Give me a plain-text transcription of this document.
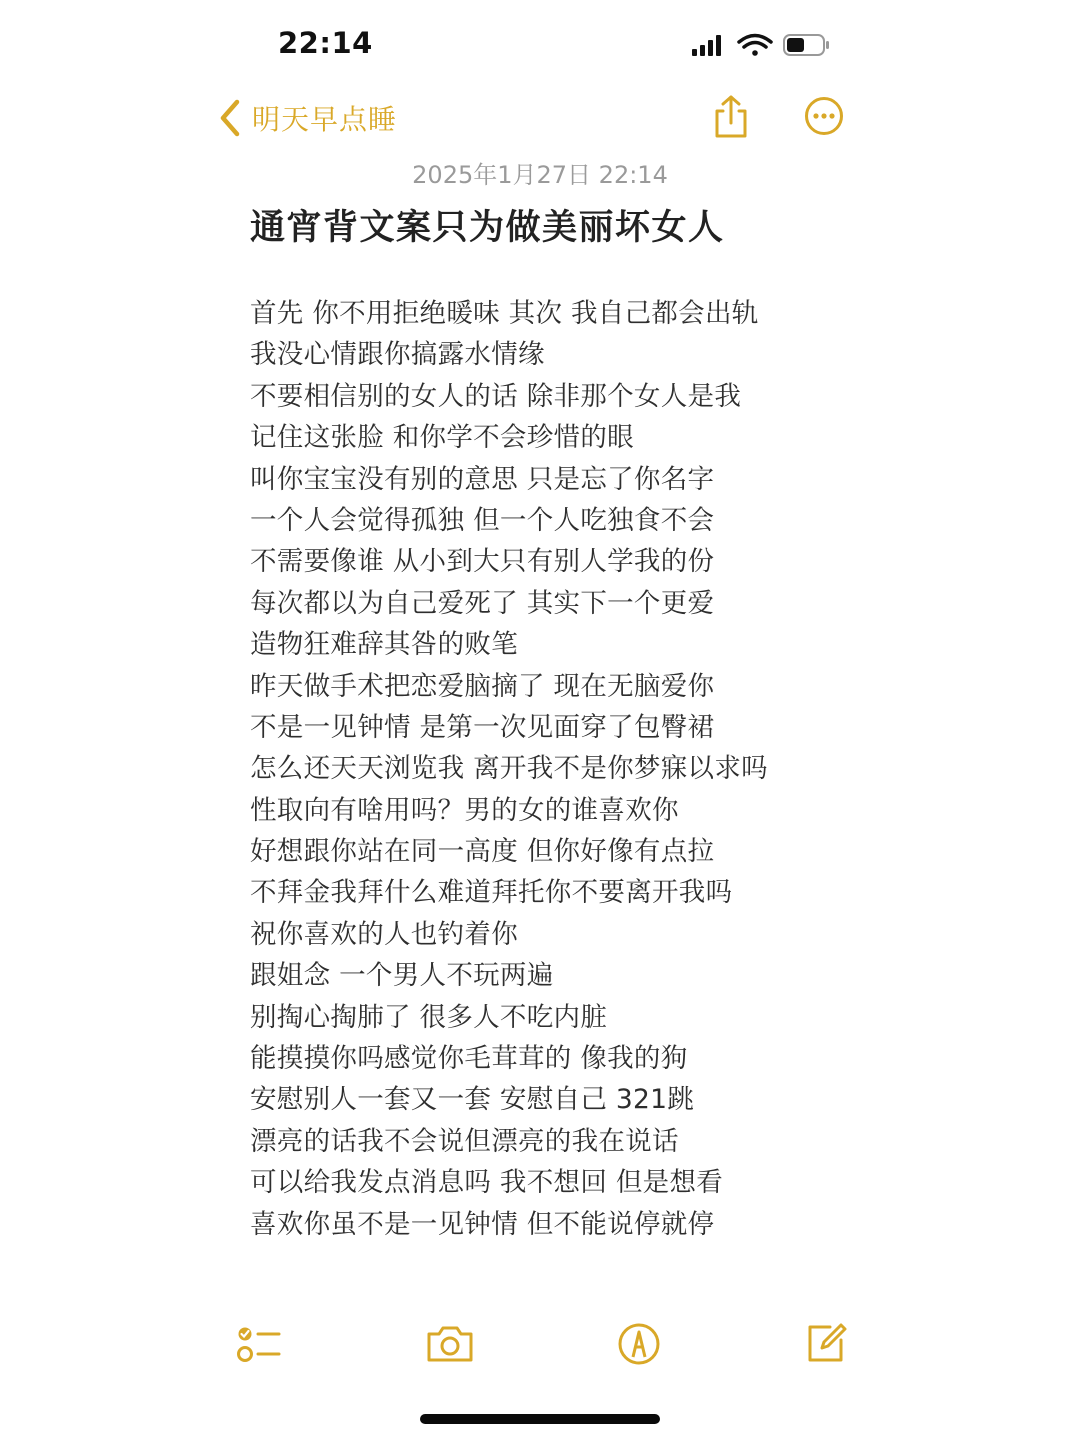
22:14
明天早点睡
2025年1月27日 22:14
通宵背文案只为做美丽坏女人
首先 你不用拒绝暖味 其次 我自己都会出轨
我没心情跟你搞露水情缘
不要相信别的女人的话 除非那个女人是我
记住这张脸 和你学不会珍惜的眼
叫你宝宝没有别的意思 只是忘了你名字
一个人会觉得孤独 但一个人吃独食不会
不需要像谁 从小到大只有别人学我的份
每次都以为自己爱死了 其实下一个更爱
造物狂难辞其咎的败笔
昨天做手术把恋爱脑摘了 现在无脑爱你
不是一见钟情 是第一次见面穿了包臀裙
怎么还天天浏览我 离开我不是你梦寐以求吗
性取向有啥用吗？男的女的谁喜欢你
好想跟你站在同一高度 但你好像有点拉
不拜金我拜什么难道拜托你不要离开我吗
祝你喜欢的人也钓着你
跟姐念 一个男人不玩两遍
别掏心掏肺了 很多人不吃内脏
能摸摸你吗感觉你毛茸茸的 像我的狗
安慰别人一套又一套 安慰自己 321跳
漂亮的话我不会说但漂亮的我在说话
可以给我发点消息吗 我不想回 但是想看
喜欢你虽不是一见钟情 但不能说停就停
